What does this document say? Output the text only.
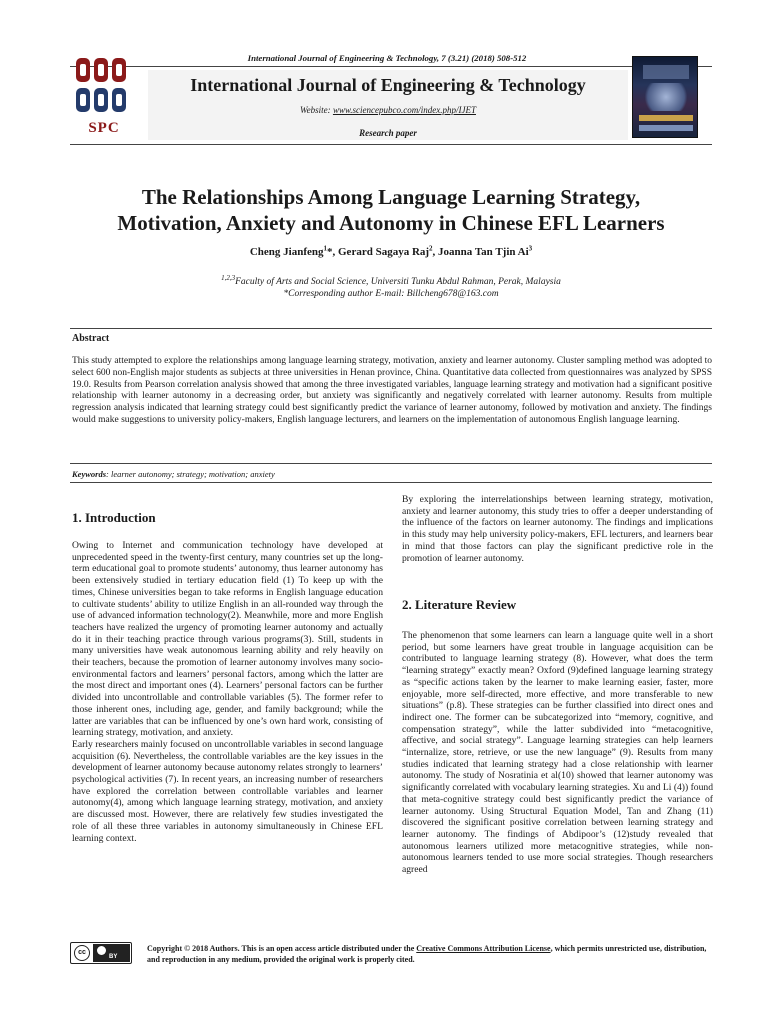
International Journal of Engineering & Technology, 7 (3.21) (2018) 508-512
SPC
International Journal of Engineering & Technology
Website: www.sciencepubco.com/index.php/IJET
Research paper
The Relationships Among Language Learning Strategy,
Motivation, Anxiety and Autonomy in Chinese EFL Learners
Cheng Jianfeng$^1$*, Gerard Sagaya Raj$^2$, Joanna Tan Tjin Ai$^3$
$^{1,2,3}$Faculty of Arts and Social Science, Universiti Tunku Abdul Rahman, Perak, Malaysia
*Corresponding author E-mail: Billcheng678@163.com
Abstract
This study attempted to explore the relationships among language learning strategy, motivation, anxiety and learner autonomy. Cluster sampling method was adopted to select 600 non-English major students as subjects at three universities in Henan province, China. Quantitative data collected from questionnaires was analyzed by SPSS 19.0. Results from Pearson correlation analysis showed that among the three investigated variables, language learning strategy and motivation had a significant positive relationship with learner autonomy in a decreasing order, but anxiety was significantly and negatively correlated with learner autonomy. Results from multiple regression analysis indicated that learning strategy could best significantly predict the variance of learner autonomy, followed by motivation and anxiety. The findings would make suggestions to university policy-makers, English language lecturers, and learners on the implementation of autonomous English language learning.
Keywords: learner autonomy; strategy; motivation; anxiety
1. Introduction

Owing to Internet and communication technology have developed at unprecedented speed in the twenty-first century, many countries set up the long-term educational goal to promote students’ autonomy, thus learner autonomy has been extensively studied in tertiary education field (1) To keep up with the times, Chinese universities began to take reforms in English language education to cultivate students’ ability to utilize English in an all-rounded way through the use of advanced information technology(2). Meanwhile, more and more English teachers have realized the urgency of promoting learner autonomy and actually do it in their teaching practice through various programs(3). Still, students in many universities have weak autonomous learning ability and rely heavily on their teachers, because the promotion of learner autonomy involves many socio-environmental factors and learners’ personal factors, among which the latter are the most direct and important ones (4). Learners’ personal factors can be further divided into uncontrollable and controllable variables (5). The former refer to those inherent ones, including age, gender, and family background; while the latter are variables that can be influenced by one’s own hard work, consisting of learning strategy, motivation, and anxiety.

Early researchers mainly focused on uncontrollable variables in second language acquisition (6). Nevertheless, the controllable variables are the key issues in the development of learner autonomy because autonomy relates strongly to learners’ psychological activities (7). In recent years, an increasing number of researchers have explored the correlation between controllable variables and learner autonomy(4), among which language learning strategy, motivation, and anxiety are discussed most. However, there are relatively few studies investigated the role of all these three variables in autonomy simultaneously in Chinese EFL learning context.

By exploring the interrelationships between learning strategy, motivation, anxiety and learner autonomy, this study tries to offer a deeper understanding of the influence of the factors on learner autonomy. The findings and implications in this study may help university policy-makers, EFL lecturers, and learners bear in mind that those factors can play the significant predictive role in the promotion of learner autonomy.

2. Literature Review

The phenomenon that some learners can learn a language quite well in a short period, but some learners have great trouble in language acquisition can be contributed to language learning strategy (8). However, what does the term “learning strategy” exactly mean? Oxford (9)defined language learning strategy as “specific actions taken by the learner to make learning easier, faster, more enjoyable, more self-directed, more effective, and more transferable to new situations” (p.8). These strategies can be further classified into direct ones and indirect one. The former can be subcategorized into “memory, cognitive, and compensation strategy”, while the latter subdivided into “metacognitive, affective, and social strategy”. Language learning strategies can help learners “internalize, store, retrieve, or use the new language” (9). Results from many studies indicated that learning strategy had a close relationship with learner autonomy. The study of Nosratinia et al(10) showed that learner autonomy was significantly correlated with vocabulary learning strategies. Xu and Li (4)) found that meta-cognitive strategy could best significantly predict the variance of learner autonomy. Using Structural Equation Model, Tan and Zhang (11) discovered the significant positive correlation between learning strategy and learner autonomy. The findings of Abdipoor’s (12)study revealed that autonomous learners utilized more metacognitive strategies, while non-autonomous learners tended to use more social strategies. Though researchers agreed

cc
BY
Copyright © 2018 Authors. This is an open access article distributed under the Creative Commons Attribution License, which permits unrestricted use, distribution, and reproduction in any medium, provided the original work is properly cited.
